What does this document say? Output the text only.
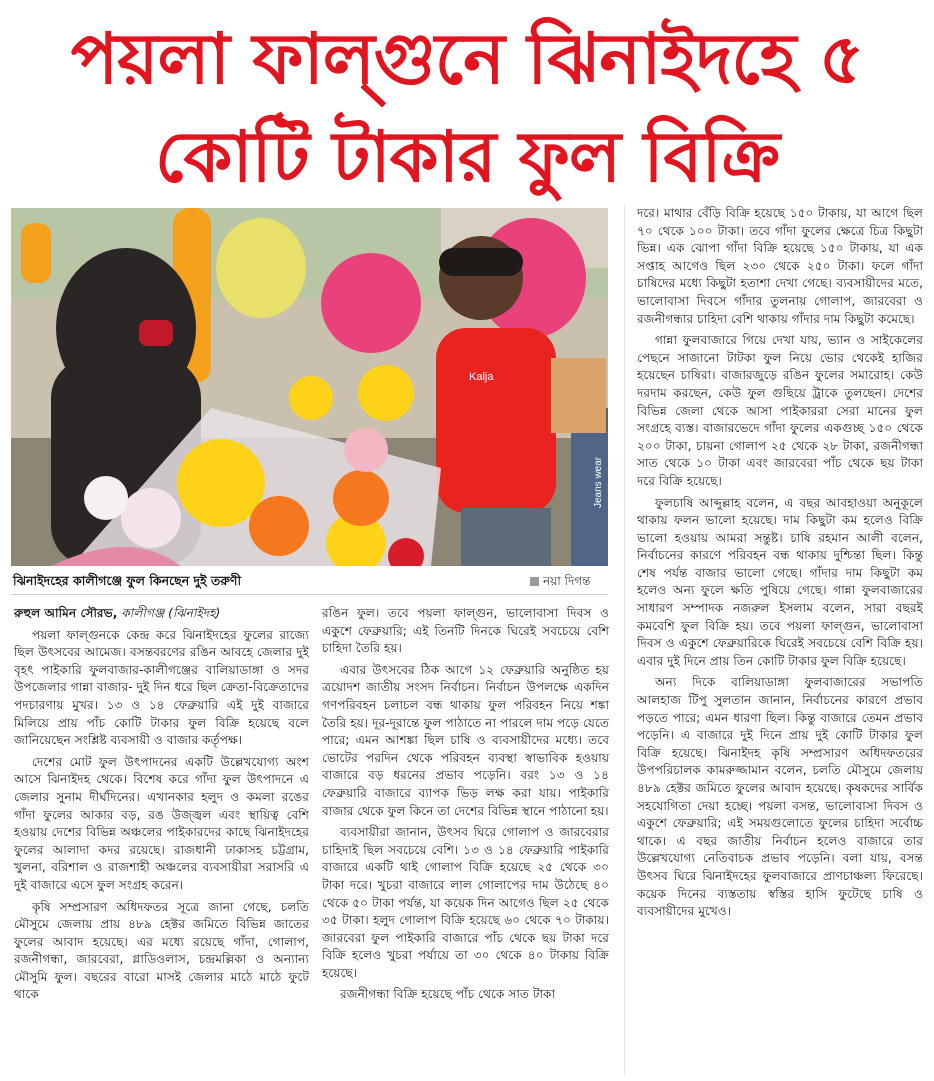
পয়লা ফাল্গুনে ঝিনাইদহে ৫ কোটি টাকার ফুল বিক্রি
Kalja
Jeans wear
ঝিনাইদহের কালীগঞ্জে ফুল কিনছেন দুই তরুণী	নয়া দিগন্ত

রুহুল আমিন সৌরভ, কালীগঞ্জ (ঝিনাইদহ)

পয়লা ফাল্গুনকে কেন্দ্র করে ঝিনাইদহের ফুলের রাজ্যে ছিল উৎসবের আমেজ। বসন্তবরণের রঙিন আবহে জেলার দুই বৃহৎ পাইকারি ফুলবাজার-কালীগঞ্জের বালিয়াডাঙ্গা ও সদর উপজেলার গান্না বাজার- দুই দিন ধরে ছিল ক্রেতা-বিক্রেতাদের পদচারণায় মুখর। ১৩ ও ১৪ ফেব্রুয়ারি এই দুই বাজারে মিলিয়ে প্রায় পাঁচ কোটি টাকার ফুল বিক্রি হয়েছে বলে জানিয়েছেন সংশ্লিষ্ট ব্যবসায়ী ও বাজার কর্তৃপক্ষ।

দেশের মোট ফুল উৎপাদনের একটি উল্লেখযোগ্য অংশ আসে ঝিনাইদহ থেকে। বিশেষ করে গাঁদা ফুল উৎপাদনে এ জেলার সুনাম দীর্ঘদিনের। এখানকার হলুদ ও কমলা রঙের গাঁদা ফুলের আকার বড়, রঙ উজ্জ্বল এবং স্থায়িত্ব বেশি হওয়ায় দেশের বিভিন্ন অঞ্চলের পাইকারদের কাছে ঝিনাইদহের ফুলের আলাদা কদর রয়েছে। রাজধানী ঢাকাসহ চট্টগ্রাম, খুলনা, বরিশাল ও রাজশাহী অঞ্চলের ব্যবসায়ীরা সরাসরি এ দুই বাজারে এসে ফুল সংগ্রহ করেন।

কৃষি সম্প্রসারণ অধিদফতর সূত্রে জানা গেছে, চলতি মৌসুমে জেলায় প্রায় ৪৮৯ হেক্টর জমিতে বিভিন্ন জাতের ফুলের আবাদ হয়েছে। এর মধ্যে রয়েছে গাঁদা, গোলাপ, রজনীগন্ধা, জারবেরা, গ্লাডিওলাস, চন্দ্রমল্লিকা ও অন্যান্য মৌসুমি ফুল। বছরের বারো মাসই জেলার মাঠে মাঠে ফুটে থাকে

রঙিন ফুল। তবে পয়লা ফাল্গুন, ভালোবাসা দিবস ও একুশে ফেব্রুয়ারি; এই তিনটি দিনকে ঘিরেই সবচেয়ে বেশি চাহিদা তৈরি হয়।

এবার উৎসবের ঠিক আগে ১২ ফেব্রুয়ারি অনুষ্ঠিত হয় ত্রয়োদশ জাতীয় সংসদ নির্বাচন। নির্বাচন উপলক্ষে একদিন গণপরিবহন চলাচল বন্ধ থাকায় ফুল পরিবহন নিয়ে শঙ্কা তৈরি হয়। দূর-দূরান্তে ফুল পাঠাতে না পারলে দাম পড়ে যেতে পারে; এমন আশঙ্কা ছিল চাষি ও ব্যবসায়ীদের মধ্যে। তবে ভোটের পরদিন থেকে পরিবহন ব্যবস্থা স্বাভাবিক হওয়ায় বাজারে বড় ধরনের প্রভাব পড়েনি। বরং ১৩ ও ১৪ ফেব্রুয়ারি বাজারে ব্যাপক ভিড় লক্ষ করা যায়। পাইকারি বাজার থেকে ফুল কিনে তা দেশের বিভিন্ন স্থানে পাঠানো হয়।

ব্যবসায়ীরা জানান, উৎসব ঘিরে গোলাপ ও জারবেরার চাহিদাই ছিল সবচেয়ে বেশি। ১৩ ও ১৪ ফেব্রুয়ারি পাইকারি বাজারে একটি থাই গোলাপ বিক্রি হয়েছে ২৫ থেকে ৩০ টাকা দরে। খুচরা বাজারে লাল গোলাপের দাম উঠেছে ৪০ থেকে ৫০ টাকা পর্যন্ত, যা কয়েক দিন আগেও ছিল ২৫ থেকে ৩৫ টাকা। হলুদ গোলাপ বিক্রি হয়েছে ৬০ থেকে ৭০ টাকায়। জারবেরা ফুল পাইকারি বাজারে পাঁচ থেকে ছয় টাকা দরে বিক্রি হলেও খুচরা পর্যায়ে তা ৩০ থেকে ৪০ টাকায় বিক্রি হয়েছে।

রজনীগন্ধা বিক্রি হয়েছে পাঁচ থেকে সাত টাকা

দরে। মাথার বেঁড়ি বিক্রি হয়েছে ১৫০ টাকায়, যা আগে ছিল ৭০ থেকে ১০০ টাকা। তবে গাঁদা ফুলের ক্ষেত্রে চিত্র কিছুটা ভিন্ন। এক ঝোপা গাঁদা বিক্রি হয়েছে ১৫০ টাকায়, যা এক সপ্তাহ আগেও ছিল ২৩০ থেকে ২৫০ টাকা। ফলে গাঁদা চাষিদের মধ্যে কিছুটা হতাশা দেখা গেছে। ব্যবসায়ীদের মতে, ভালোবাসা দিবসে গাঁদার তুলনায় গোলাপ, জারবেরা ও রজনীগন্ধার চাহিদা বেশি থাকায় গাঁদার দাম কিছুটা কমেছে।

গান্না ফুলবাজারে গিয়ে দেখা যায়, ভ্যান ও সাইকেলের পেছনে সাজানো টাটকা ফুল নিয়ে ভোর থেকেই হাজির হয়েছেন চাষিরা। বাজারজুড়ে রঙিন ফুলের সমারোহ। কেউ দরদাম করছেন, কেউ ফুল গুছিয়ে ট্রাকে তুলছেন। দেশের বিভিন্ন জেলা থেকে আসা পাইকাররা সেরা মানের ফুল সংগ্রহে ব্যস্ত। বাজারভেদে গাঁদা ফুলের একগুচ্ছ ১৫০ থেকে ২০০ টাকা, চায়না গোলাপ ২৫ থেকে ২৮ টাকা, রজনীগন্ধা সাত থেকে ১০ টাকা এবং জারবেরা পাঁচ থেকে ছয় টাকা দরে বিক্রি হয়েছে।

ফুলচাষি আব্দুল্লাহ বলেন, এ বছর আবহাওয়া অনুকূলে থাকায় ফলন ভালো হয়েছে। দাম কিছুটা কম হলেও বিক্রি ভালো হওয়ায় আমরা সন্তুষ্ট। চাষি রহমান আলী বলেন, নির্বাচনের কারণে পরিবহন বন্ধ থাকায় দুশ্চিন্তা ছিল। কিন্তু শেষ পর্যন্ত বাজার ভালো গেছে। গাঁদার দাম কিছুটা কম হলেও অন্য ফুলে ক্ষতি পুষিয়ে গেছে। গান্না ফুলবাজারের সাধারণ সম্পাদক নজরুল ইসলাম বলেন, সারা বছরই কমবেশি ফুল বিক্রি হয়। তবে পয়লা ফাল্গুন, ভালোবাসা দিবস ও একুশে ফেব্রুয়ারিকে ঘিরেই সবচেয়ে বেশি বিক্রি হয়। এবার দুই দিনে প্রায় তিন কোটি টাকার ফুল বিক্রি হয়েছে।

অন্য দিকে বালিয়াডাঙ্গা ফুলবাজারের সভাপতি আলহাজ টিপু সুলতান জানান, নির্বাচনের কারণে প্রভাব পড়তে পারে; এমন ধারণা ছিল। কিন্তু বাজারে তেমন প্রভাব পড়েনি। এ বাজারে দুই দিনে প্রায় দুই কোটি টাকার ফুল বিক্রি হয়েছে। ঝিনাইদহ কৃষি সম্প্রসারণ অধিদফতরের উপপরিচালক কামরুজ্জামান বলেন, চলতি মৌসুমে জেলায় ৪৮৯ হেক্টর জমিতে ফুলের আবাদ হয়েছে। কৃষকদের সার্বিক সহযোগিতা দেয়া হচ্ছে। পয়লা বসন্ত, ভালোবাসা দিবস ও একুশে ফেব্রুয়ারি; এই সময়গুলোতে ফুলের চাহিদা সর্বোচ্চ থাকে। এ বছর জাতীয় নির্বাচন হলেও বাজারে তার উল্লেখযোগ্য নেতিবাচক প্রভাব পড়েনি। বলা যায়, বসন্ত উৎসব ঘিরে ঝিনাইদহের ফুলবাজারে প্রাণচাঞ্চল্য ফিরেছে। কয়েক দিনের ব্যস্ততায় স্বস্তির হাসি ফুটেছে চাষি ও ব্যবসায়ীদের মুখেও।
